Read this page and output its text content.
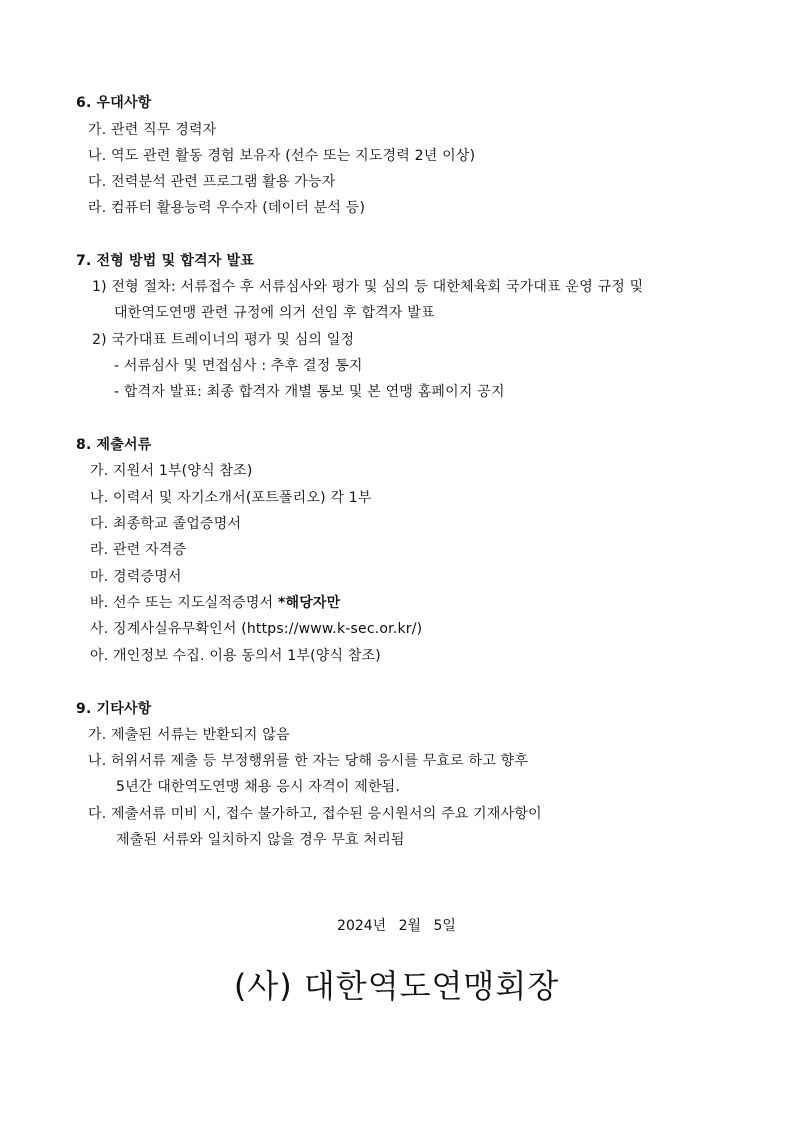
6. 우대사항
가. 관련 직무 경력자
나. 역도 관련 활동 경험 보유자 (선수 또는 지도경력 2년 이상)
다. 전력분석 관련 프로그램 활용 가능자
라. 컴퓨터 활용능력 우수자 (데이터 분석 등)
7. 전형 방법 및 합격자 발표
1) 전형 절차: 서류접수 후 서류심사와 평가 및 심의 등 대한체육회 국가대표 운영 규정 및
대한역도연맹 관련 규정에 의거 선임 후 합격자 발표
2) 국가대표 트레이너의 평가 및 심의 일정
- 서류심사 및 면접심사 : 추후 결정 통지
- 합격자 발표: 최종 합격자 개별 통보 및 본 연맹 홈페이지 공지
8. 제출서류
가. 지원서 1부(양식 참조)
나. 이력서 및 자기소개서(포트폴리오) 각 1부
다. 최종학교 졸업증명서
라. 관련 자격증
마. 경력증명서
바. 선수 또는 지도실적증명서 *해당자만
사. 징계사실유무확인서 (https://www.k-sec.or.kr/)
아. 개인정보 수집. 이용 동의서 1부(양식 참조)
9. 기타사항
가. 제출된 서류는 반환되지 않음
나. 허위서류 제출 등 부정행위를 한 자는 당해 응시를 무효로 하고 향후
5년간 대한역도연맹 채용 응시 자격이 제한됨.
다. 제출서류 미비 시, 접수 불가하고, 접수된 응시원서의 주요 기재사항이
제출된 서류와 일치하지 않을 경우 무효 처리됨
2024년 2월 5일
(사) 대한역도연맹회장
